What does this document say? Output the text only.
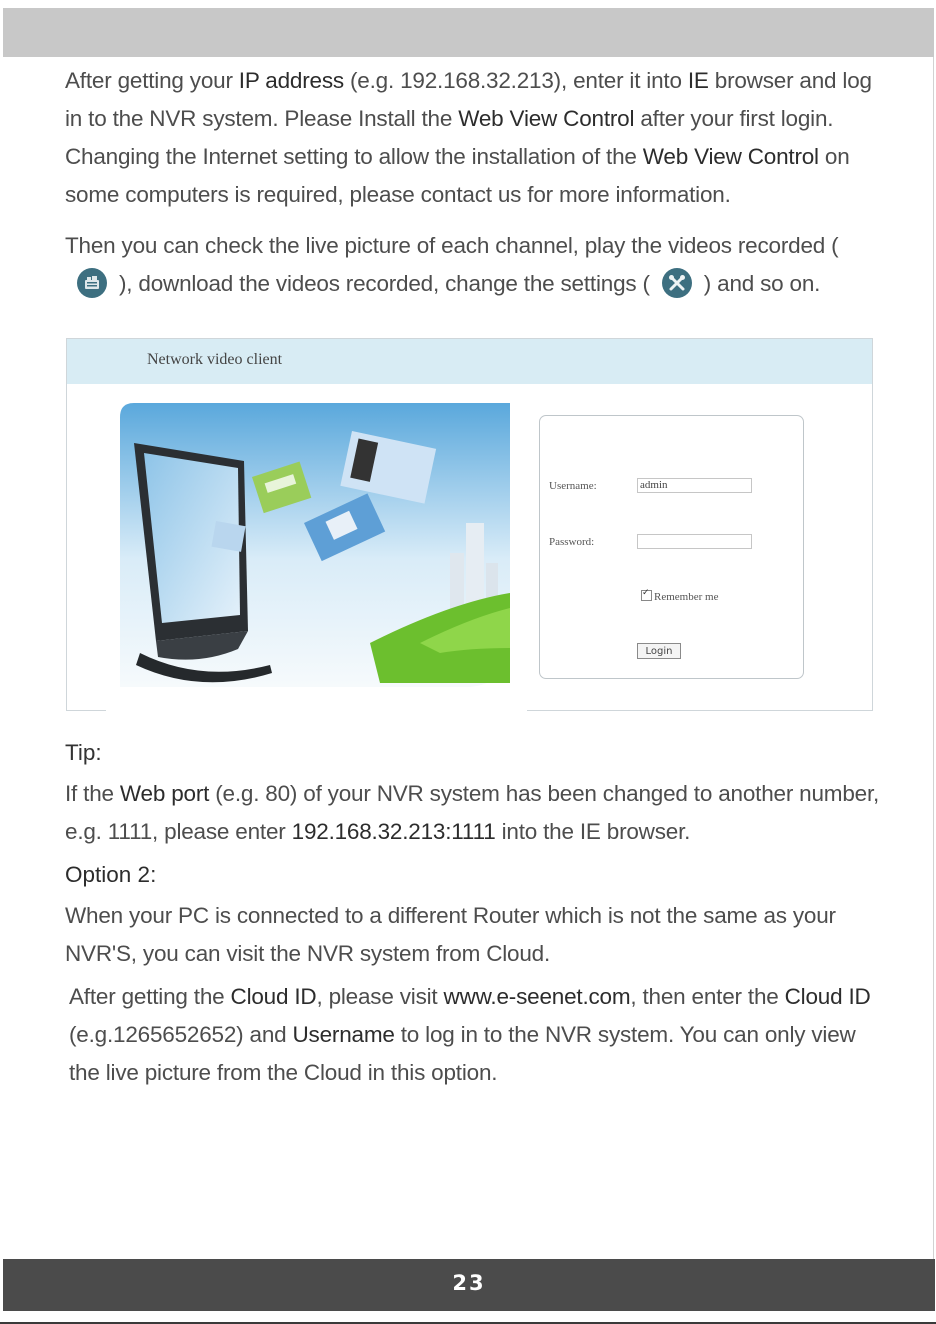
After getting your IP address (e.g. 192.168.32.213), enter it into IE browser and log in to the NVR system. Please Install the Web View Control after your first login. Changing the Internet setting to allow the installation of the Web View Control on some computers is required, please contact us for more information.

Then you can check the live picture of each channel, play the videos recorded (
), download the videos recorded, change the settings ( ) and so on.

Network video client
Username:
admin
Password:
✓Remember me
Login

Tip:

If the Web port (e.g. 80) of your NVR system has been changed to another number, e.g. 1111, please enter 192.168.32.213:1111 into the IE browser.

Option 2:

When your PC is connected to a different Router which is not the same as your NVR'S, you can visit the NVR system from Cloud.

After getting the Cloud ID, please visit www.e-seenet.com, then enter the Cloud ID (e.g.1265652652) and Username to log in to the NVR system. You can only view the live picture from the Cloud in this option.

23
